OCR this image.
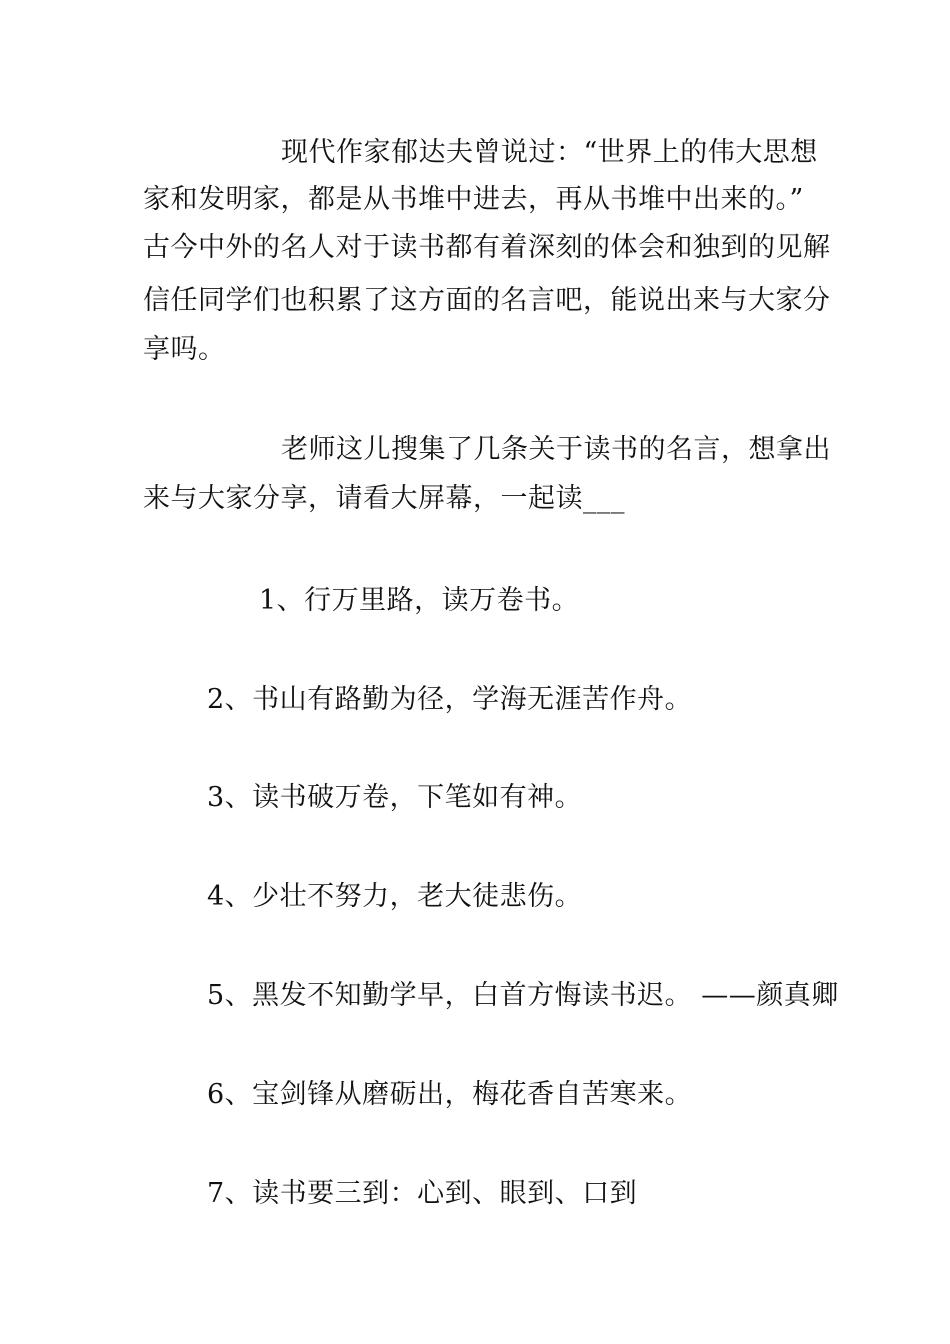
现代作家郁达夫曾说过：“世界上的伟大思想
家和发明家，都是从书堆中进去，再从书堆中出来的。”
古今中外的名人对于读书都有着深刻的体会和独到的见解
信任同学们也积累了这方面的名言吧，能说出来与大家分
享吗。
老师这儿搜集了几条关于读书的名言，想拿出
来与大家分享，请看大屏幕，一起读___
1、行万里路，读万卷书。
2、书山有路勤为径，学海无涯苦作舟。
3、读书破万卷，下笔如有神。
4、少壮不努力，老大徒悲伤。
5、黑发不知勤学早，白首方悔读书迟。 ——颜真卿
6、宝剑锋从磨砺出，梅花香自苦寒来。
7、读书要三到：心到、眼到、口到
